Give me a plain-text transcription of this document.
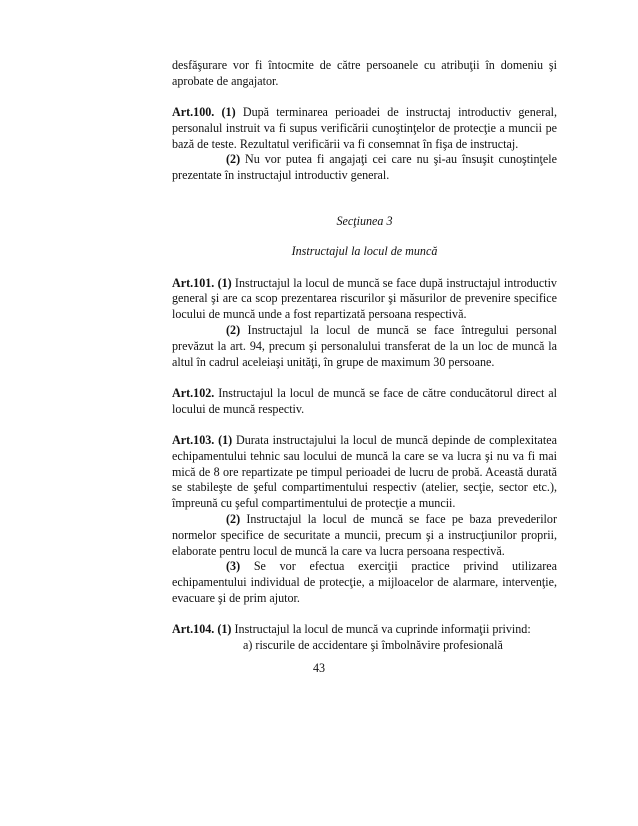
desfăşurare vor fi întocmite de către persoanele cu atribuţii în domeniu şi aprobate de angajator.

Art.100. (1) După terminarea perioadei de instructaj introductiv general, personalul instruit va fi supus verificării cunoştinţelor de protecţie a muncii pe bază de teste. Rezultatul verificării va fi consemnat în fişa de instructaj.

(2) Nu vor putea fi angajaţi cei care nu şi-au însuşit cunoştinţele prezentate în instructajul introductiv general.

Secţiunea 3

Instructajul la locul de muncă

Art.101. (1) Instructajul la locul de muncă se face după instructajul introductiv general şi are ca scop prezentarea riscurilor şi măsurilor de prevenire specifice locului de muncă unde a fost repartizată persoana respectivă.

(2) Instructajul la locul de muncă se face întregului personal prevăzut la art. 94, precum şi personalului transferat de la un loc de muncă la altul în cadrul aceleiaşi unităţi, în grupe de maximum 30 persoane.

Art.102. Instructajul la locul de muncă se face de către conducătorul direct al locului de muncă respectiv.

Art.103. (1) Durata instructajului la locul de muncă depinde de complexitatea echipamentului tehnic sau locului de muncă la care se va lucra şi nu va fi mai mică de 8 ore repartizate pe timpul perioadei de lucru de probă. Această durată se stabileşte de şeful compartimentului respectiv (atelier, secţie, sector etc.), împreună cu şeful compartimentului de protecţie a muncii.

(2) Instructajul la locul de muncă se face pe baza prevederilor normelor specifice de securitate a muncii, precum şi a instrucţiunilor proprii, elaborate pentru locul de muncă la care va lucra persoana respectivă.

(3) Se vor efectua exerciţii practice privind utilizarea echipamentului individual de protecţie, a mijloacelor de alarmare, intervenţie, evacuare şi de prim ajutor.

Art.104. (1) Instructajul la locul de muncă va cuprinde informaţii privind:

a) riscurile de accidentare şi îmbolnăvire profesională

43
